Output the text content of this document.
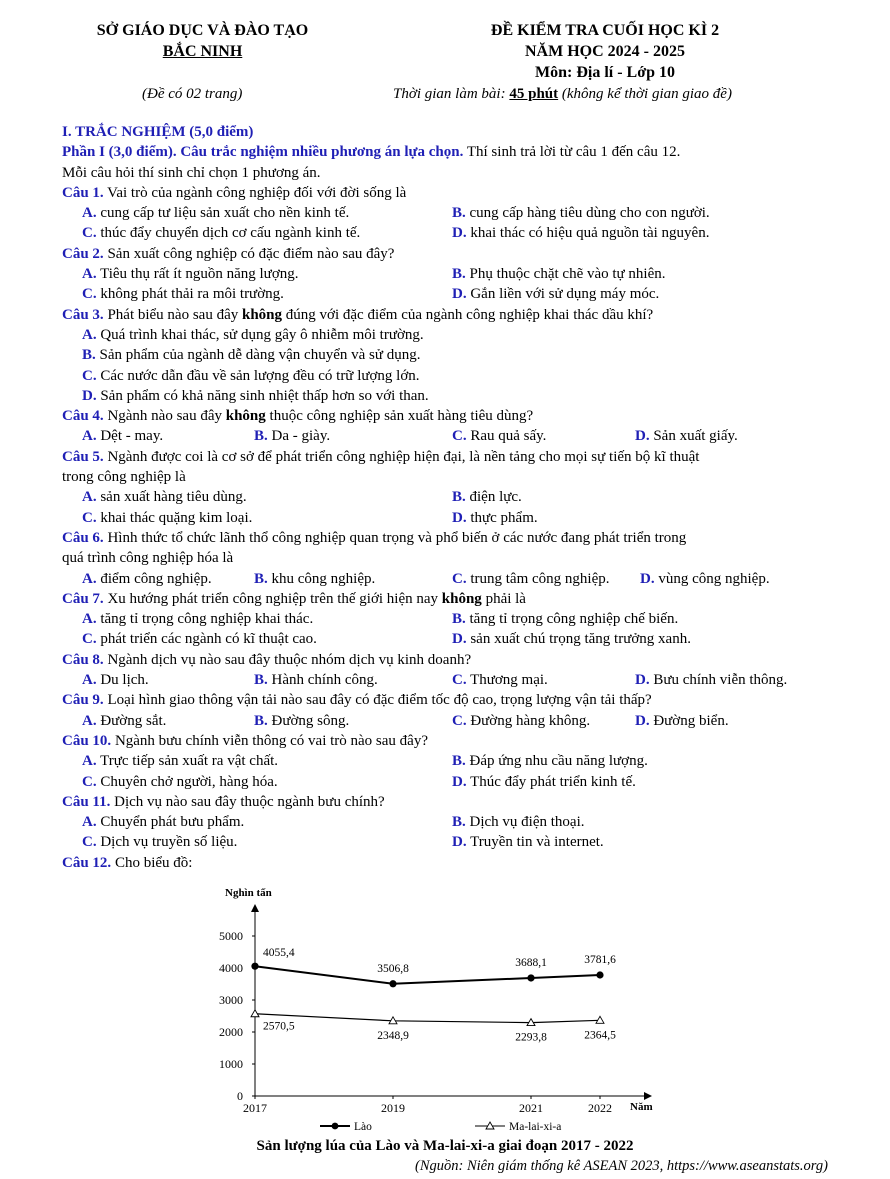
SỞ GIÁO DỤC VÀ ĐÀO TẠO
BẮC NINH
ĐỀ KIỂM TRA CUỐI HỌC KÌ 2
NĂM HỌC 2024 - 2025
Môn: Địa lí - Lớp 10
(Đề có 02 trang)	Thời gian làm bài: 45 phút (không kể thời gian giao đề)
I. TRẮC NGHIỆM (5,0 điểm)
Phần I (3,0 điểm). Câu trắc nghiệm nhiều phương án lựa chọn. Thí sinh trả lời từ câu 1 đến câu 12.
Mỗi câu hỏi thí sinh chỉ chọn 1 phương án.
Câu 1. Vai trò của ngành công nghiệp đối với đời sống là
A. cung cấp tư liệu sản xuất cho nền kinh tế.	B. cung cấp hàng tiêu dùng cho con người.
C. thúc đẩy chuyển dịch cơ cấu ngành kinh tế.	D. khai thác có hiệu quả nguồn tài nguyên.
Câu 2. Sản xuất công nghiệp có đặc điểm nào sau đây?
A. Tiêu thụ rất ít nguồn năng lượng.	B. Phụ thuộc chặt chẽ vào tự nhiên.
C. không phát thải ra môi trường.	D. Gắn liền với sử dụng máy móc.
Câu 3. Phát biểu nào sau đây không đúng với đặc điểm của ngành công nghiệp khai thác dầu khí?
A. Quá trình khai thác, sử dụng gây ô nhiễm môi trường.
B. Sản phẩm của ngành dễ dàng vận chuyển và sử dụng.
C. Các nước dẫn đầu về sản lượng đều có trữ lượng lớn.
D. Sản phẩm có khả năng sinh nhiệt thấp hơn so với than.
Câu 4. Ngành nào sau đây không thuộc công nghiệp sản xuất hàng tiêu dùng?
A. Dệt - may.	B. Da - giày.	C. Rau quả sấy.	D. Sản xuất giấy.
Câu 5. Ngành được coi là cơ sở để phát triển công nghiệp hiện đại, là nền tảng cho mọi sự tiến bộ kĩ thuật
trong công nghiệp là
A. sản xuất hàng tiêu dùng.	B. điện lực.
C. khai thác quặng kim loại.	D. thực phẩm.
Câu 6. Hình thức tổ chức lãnh thổ công nghiệp quan trọng và phổ biến ở các nước đang phát triển trong
quá trình công nghiệp hóa là
A. điểm công nghiệp.	B. khu công nghiệp.	C. trung tâm công nghiệp. D. vùng công nghiệp.
Câu 7. Xu hướng phát triển công nghiệp trên thế giới hiện nay không phải là
A. tăng tỉ trọng công nghiệp khai thác.	B. tăng tỉ trọng công nghiệp chế biến.
C. phát triển các ngành có kĩ thuật cao.	D. sản xuất chú trọng tăng trưởng xanh.
Câu 8. Ngành dịch vụ nào sau đây thuộc nhóm dịch vụ kinh doanh?
A. Du lịch.	B. Hành chính công.	C. Thương mại.	D. Bưu chính viễn thông.
Câu 9. Loại hình giao thông vận tải nào sau đây có đặc điểm tốc độ cao, trọng lượng vận tải thấp?
A. Đường sắt.	B. Đường sông.	C. Đường hàng không.	D. Đường biển.
Câu 10. Ngành bưu chính viễn thông có vai trò nào sau đây?
A. Trực tiếp sản xuất ra vật chất.	B. Đáp ứng nhu cầu năng lượng.
C. Chuyên chở người, hàng hóa.	D. Thúc đẩy phát triển kinh tế.
Câu 11. Dịch vụ nào sau đây thuộc ngành bưu chính?
A. Chuyển phát bưu phẩm.	B. Dịch vụ điện thoại.
C. Dịch vụ truyền số liệu.	D. Truyền tin và internet.
Câu 12. Cho biểu đồ:
Nghìn tấn
Năm
0
1000
2000
3000
4000
5000
2017	2019	2021	2022
4055,4
3506,8	3688,1	3781,6
2570,5
2348,9	2293,8	2364,5
Lào	Ma-lai-xi-a
Sản lượng lúa của Lào và Ma-lai-xi-a giai đoạn 2017 - 2022
(Nguồn: Niên giám thống kê ASEAN 2023, https://www.aseanstats.org)
